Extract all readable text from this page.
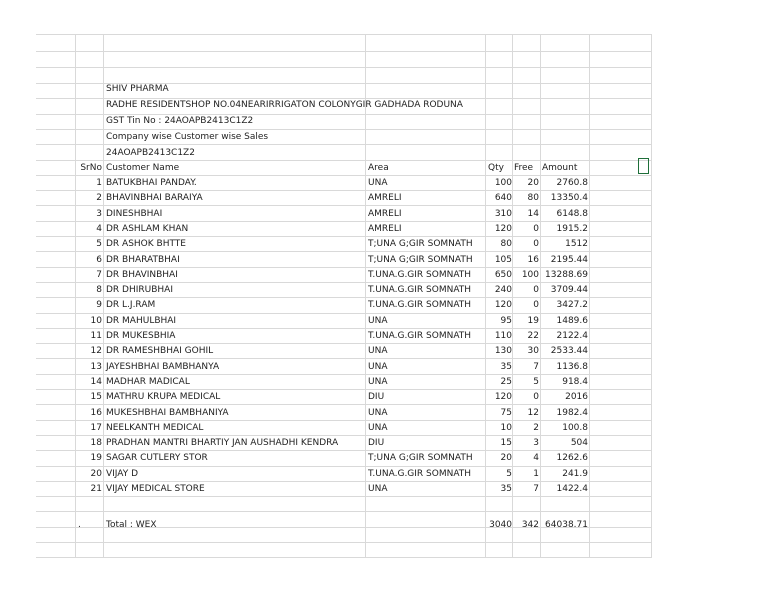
SHIV PHARMA
RADHE RESIDENTSHOP NO.04NEARIRRIGATON COLONYGIR GADHADA RODUNA
GST Tin No : 24AOAPB2413C1Z2
Company wise Customer wise Sales
24AOAPB2413C1Z2
SrNo Customer Name	Area	Qty Free Amount
1 BATUKBHAI PANDAY.	UNA	100	20	2760.8
2 BHAVINBHAI BARAIYA	AMRELI	640	80	13350.4
3 DINESHBHAI	AMRELI	310	14	6148.8
4 DR ASHLAM KHAN	AMRELI	120	0	1915.2
5 DR ASHOK BHTTE	T;UNA G;GIR SOMNATH	80	0	1512
6 DR BHARATBHAI	T;UNA G;GIR SOMNATH	105	16	2195.44
7 DR BHAVINBHAI	T.UNA.G.GIR SOMNATH	650	100 13288.69
8 DR DHIRUBHAI	T.UNA.G.GIR SOMNATH	240	0	3709.44
9 DR L.J.RAM	T.UNA.G.GIR SOMNATH	120	0	3427.2
10 DR MAHULBHAI	UNA	95	19	1489.6
11 DR MUKESBHIA	T.UNA.G.GIR SOMNATH	110	22	2122.4
12 DR RAMESHBHAI GOHIL	UNA	130	30	2533.44
13 JAYESHBHAI BAMBHANYA	UNA	35	7	1136.8
14 MADHAR MADICAL	UNA	25	5	918.4
15 MATHRU KRUPA MEDICAL	DIU	120	0	2016
16 MUKESHBHAI BAMBHANIYA	UNA	75	12	1982.4
17 NEELKANTH MEDICAL	UNA	10	2	100.8
18 PRADHAN MANTRI BHARTIY JAN AUSHADHI KENDRA	DIU	15	3	504
19 SAGAR CUTLERY STOR	T;UNA G;GIR SOMNATH	20	4	1262.6
20 VIJAY D	T.UNA.G.GIR SOMNATH	5	1	241.9
21 VIJAY MEDICAL STORE	UNA	35	7	1422.4
.	Total : WEX	3040	342 64038.71
